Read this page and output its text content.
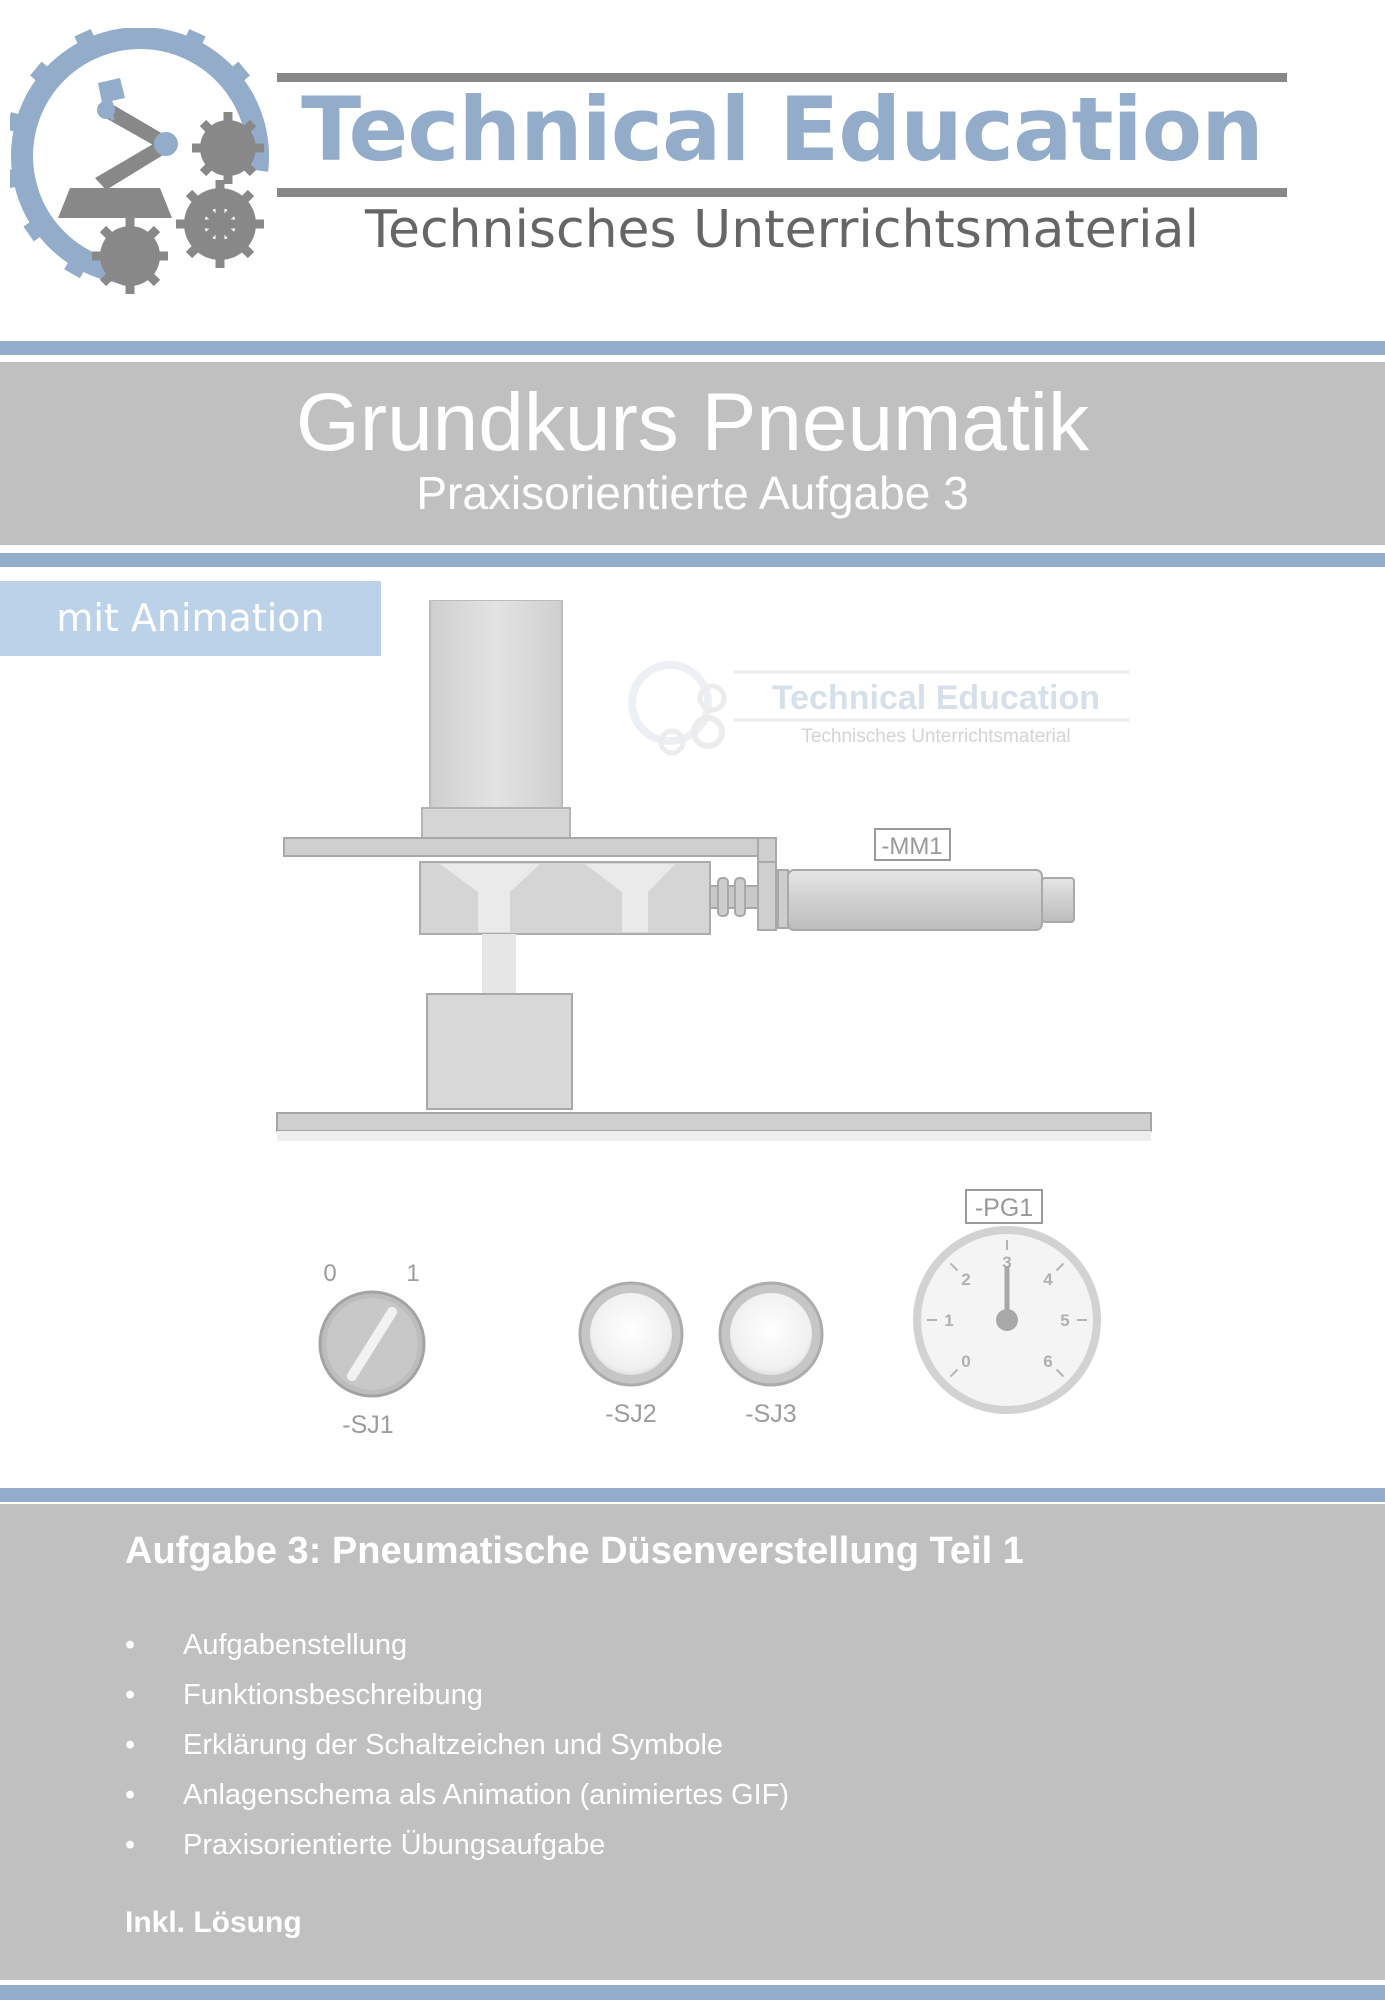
Technical Education
Technisches Unterrichtsmaterial
Grundkurs Pneumatik
Praxisorientierte Aufgabe 3
Technical Education
Technisches Unterrichtsmaterial
-MM1
0	1
-SJ1	-SJ2	-SJ3
-PG1
0
1
2
3
4
5
6
mit Animation
Aufgabe 3: Pneumatische Düsenverstellung Teil 1
•	Aufgabenstellung
•	Funktionsbeschreibung
•	Erklärung der Schaltzeichen und Symbole
•	Anlagenschema als Animation (animiertes GIF)
•	Praxisorientierte Übungsaufgabe
Inkl. Lösung
